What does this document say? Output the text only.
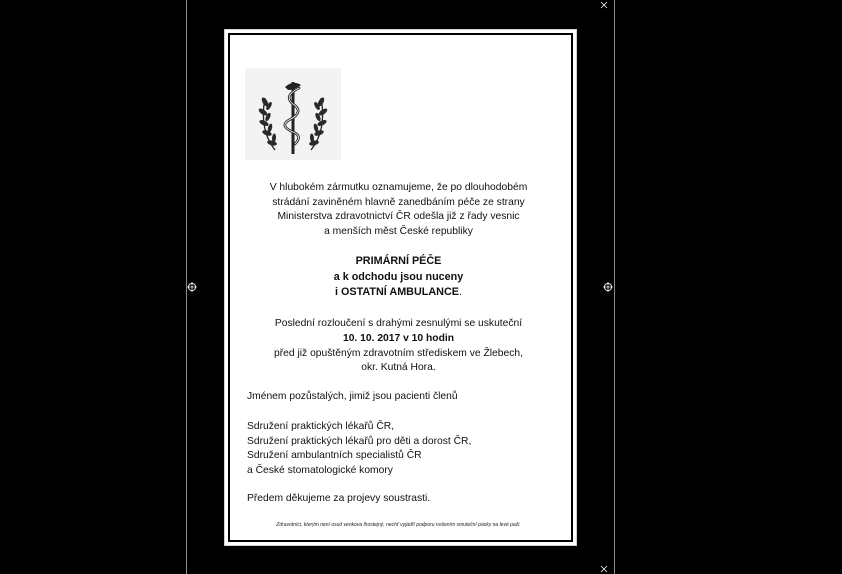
V hlubokém zármutku oznamujeme, že po dlouhodobém
strádání zaviněném hlavně zanedbáním péče ze strany
Ministerstva zdravotnictví ČR odešla již z řady vesnic
a menších měst České republiky
PRIMÁRNÍ PÉČE
a k odchodu jsou nuceny
i OSTATNÍ AMBULANCE.
Poslední rozloučení s drahými zesnulými se uskuteční
10. 10. 2017 v 10 hodin
před již opuštěným zdravotním střediskem ve Žlebech,
okr. Kutná Hora.
Jménem pozůstalých, jimiž jsou pacienti členů
Sdružení praktických lékařů ČR,
Sdružení praktických lékařů pro děti a dorost ČR,
Sdružení ambulantních specialistů ČR
a České stomatologické komory
Předem děkujeme za projevy soustrasti.
Zdravotníci, kterým není osud venkova lhostejný, nechť vyjádří podporu nošením smuteční pásky na levé paži.
